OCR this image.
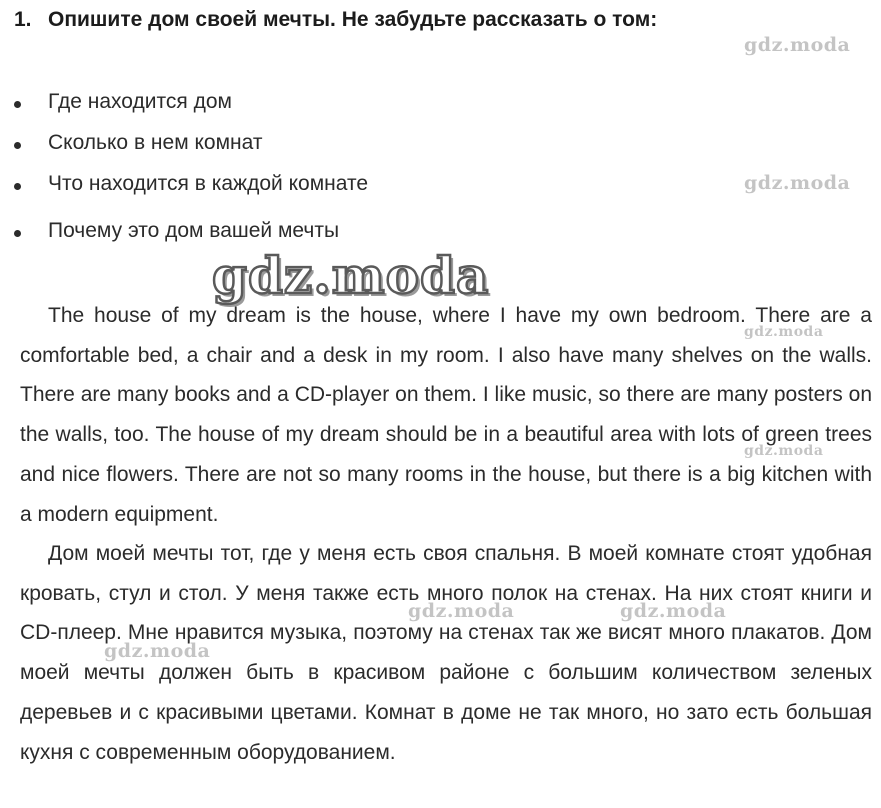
1. Опишите дом своей мечты. Не забудьте рассказать о том:
Где находится дом
Сколько в нем комнат
Что находится в каждой комнате
Почему это дом вашей мечты

The house of my dream is the house, where I have my own bedroom. There are a comfortable bed, a chair and a desk in my room. I also have many shelves on the walls. There are many books and a CD-player on them. I like music, so there are many posters on the walls, too. The house of my dream should be in a beautiful area with lots of green trees and nice flowers. There are not so many rooms in the house, but there is a big kitchen with a modern equipment.

Дом моей мечты тот, где у меня есть своя спальня. В моей комнате стоят удобная кровать, стул и стол. У меня также есть много полок на стенах. На них стоят книги и CD-плеер. Мне нравится музыка, поэтому на стенах так же висят много плакатов. Дом моей мечты должен быть в красивом районе с большим количеством зеленых деревьев и с красивыми цветами. Комнат в доме не так много, но зато есть большая кухня с современным оборудованием.

gdz.moda
gdz.moda
gdz.moda
gdz.moda
gdz.moda
gdz.moda	gdz.moda
gdz.moda
